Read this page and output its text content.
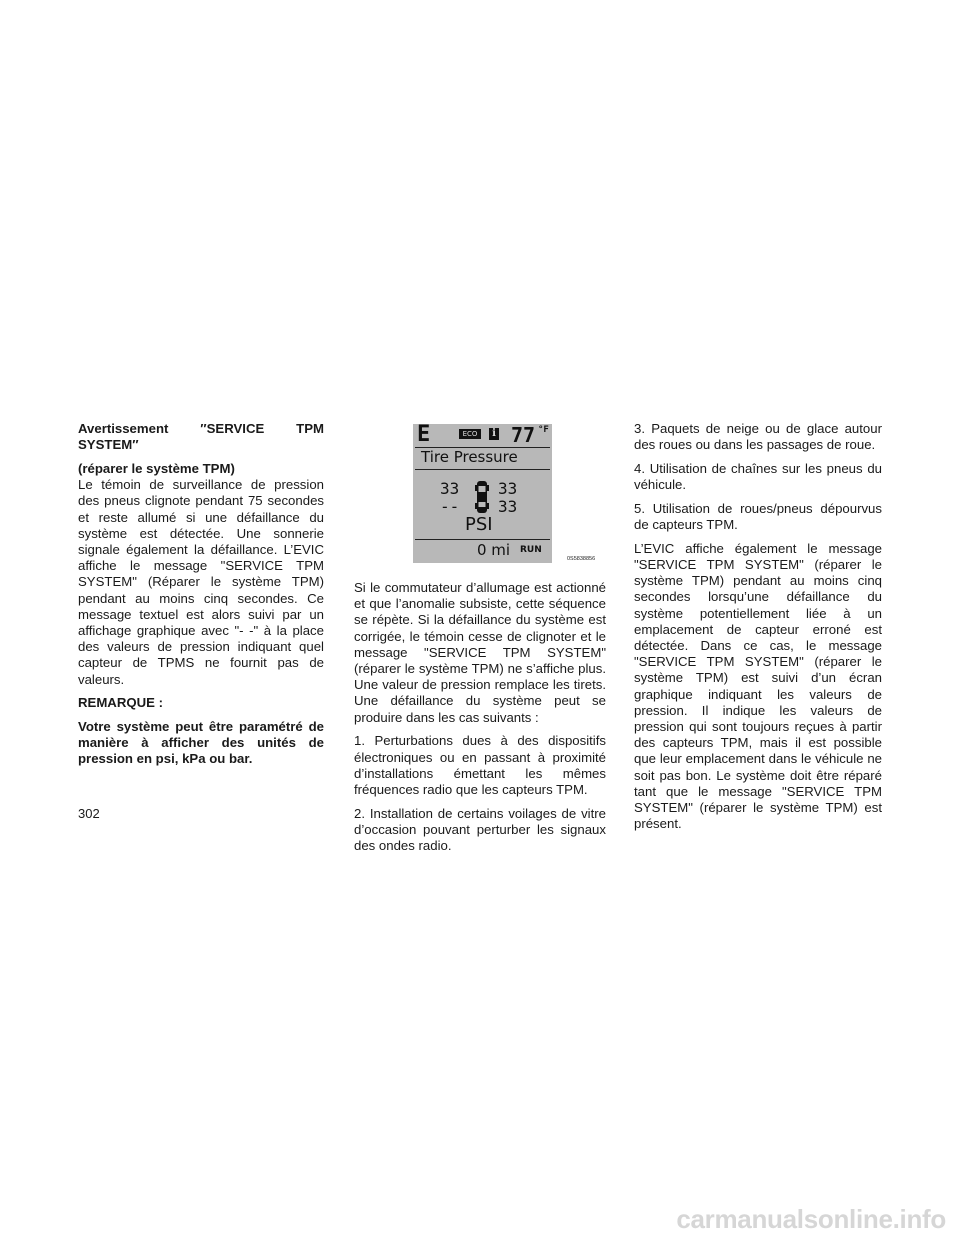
Avertissement ″SERVICE TPM SYSTEM″

(réparer le système TPM)

Le témoin de surveillance de pression des pneus clignote pendant 75 secondes et reste allumé si une défaillance du système est détectée. Une sonnerie signale également la défaillance. L’EVIC affiche le message "SERVICE TPM SYSTEM" (Réparer le système TPM) pendant au moins cinq secondes. Ce message textuel est alors suivi par un affichage graphique avec "- -" à la place des valeurs de pression indiquant quel capteur de TPMS ne fournit pas de valeurs.

REMARQUE :

Votre système peut être paramétré de manière à afficher des unités de pression en psi, kPa ou bar.

E	ECO	i 77 °F
Tire Pressure
33 33
-- 33
PSI
0 mi RUN
0S5838856

Si le commutateur d’allumage est actionné et que l’anomalie subsiste, cette séquence se répète. Si la défaillance du système est corrigée, le témoin cesse de clignoter et le message "SERVICE TPM SYSTEM" (réparer le système TPM) ne s’affiche plus. Une valeur de pression remplace les tirets. Une défaillance du système peut se produire dans les cas suivants :

1. Perturbations dues à des dispositifs électroniques ou en passant à proximité d’installations émettant les mêmes fréquences radio que les capteurs TPM.

2. Installation de certains voilages de vitre d’occasion pouvant perturber les signaux des ondes radio.

3. Paquets de neige ou de glace autour des roues ou dans les passages de roue.

4. Utilisation de chaînes sur les pneus du véhicule.

5. Utilisation de roues/pneus dépourvus de capteurs TPM.

L’EVIC affiche également le message "SERVICE TPM SYSTEM" (réparer le système TPM) pendant au moins cinq secondes lorsqu’une défaillance du système potentiellement liée à un emplacement de capteur erroné est détectée. Dans ce cas, le message "SERVICE TPM SYSTEM" (réparer le système TPM) est suivi d’un écran graphique indiquant les valeurs de pression. Il indique les valeurs de pression qui sont toujours reçues à partir des capteurs TPM, mais il est possible que leur emplacement dans le véhicule ne soit pas bon. Le système doit être réparé tant que le message "SERVICE TPM SYSTEM" (réparer le système TPM) est présent.

302
carmanualsonline.info
